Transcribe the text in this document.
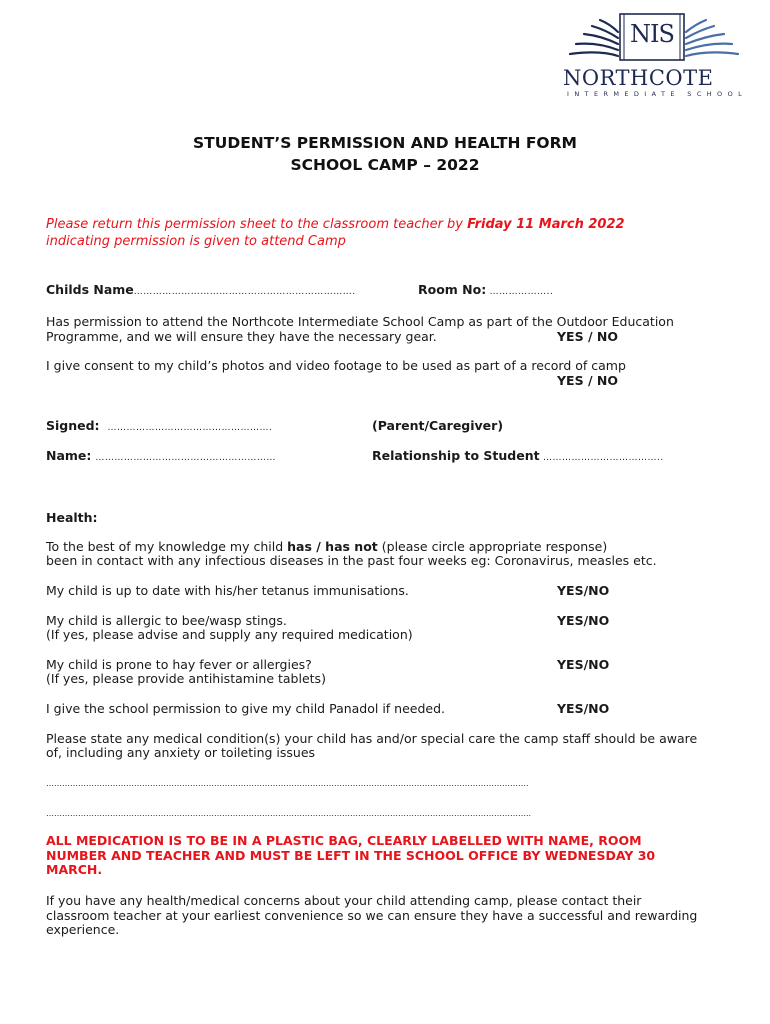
NIS
NORTHCOTE
INTERMEDIATE SCHOOL
STUDENT’S PERMISSION AND HEALTH FORM
SCHOOL CAMP – 2022
Please return this permission sheet to the classroom teacher by Friday 11 March 2022
indicating permission is given to attend Camp
Childs Name…………………………………………………………….	Room No: ………………..
Has permission to attend the Northcote Intermediate School Camp as part of the Outdoor Education
Programme, and we will ensure they have the necessary gear.	YES / NO
I give consent to my child’s photos and video footage to be used as part of a record of camp
YES / NO
Signed: …………………………………………….	(Parent/Caregiver)
Name: …………………………………………………	Relationship to Student ………………………………..
Health:
To the best of my knowledge my child has / has not (please circle appropriate response)
been in contact with any infectious diseases in the past four weeks eg: Coronavirus, measles etc.
My child is up to date with his/her tetanus immunisations.	YES/NO
My child is allergic to bee/wasp stings.
(If yes, please advise and supply any required medication)
YES/NO
My child is prone to hay fever or allergies?
(If yes, please provide antihistamine tablets)
YES/NO
I give the school permission to give my child Panadol if needed.	YES/NO
Please state any medical condition(s) your child has and/or special care the camp staff should be aware
of, including any anxiety or toileting issues
……………………………………………………………………………………………………………………………………………………………….
………………………………………………………………………………………………………………………………………………………………..
ALL MEDICATION IS TO BE IN A PLASTIC BAG, CLEARLY LABELLED WITH NAME, ROOM
NUMBER AND TEACHER AND MUST BE LEFT IN THE SCHOOL OFFICE BY WEDNESDAY 30
MARCH.
If you have any health/medical concerns about your child attending camp, please contact their
classroom teacher at your earliest convenience so we can ensure they have a successful and rewarding
experience.
